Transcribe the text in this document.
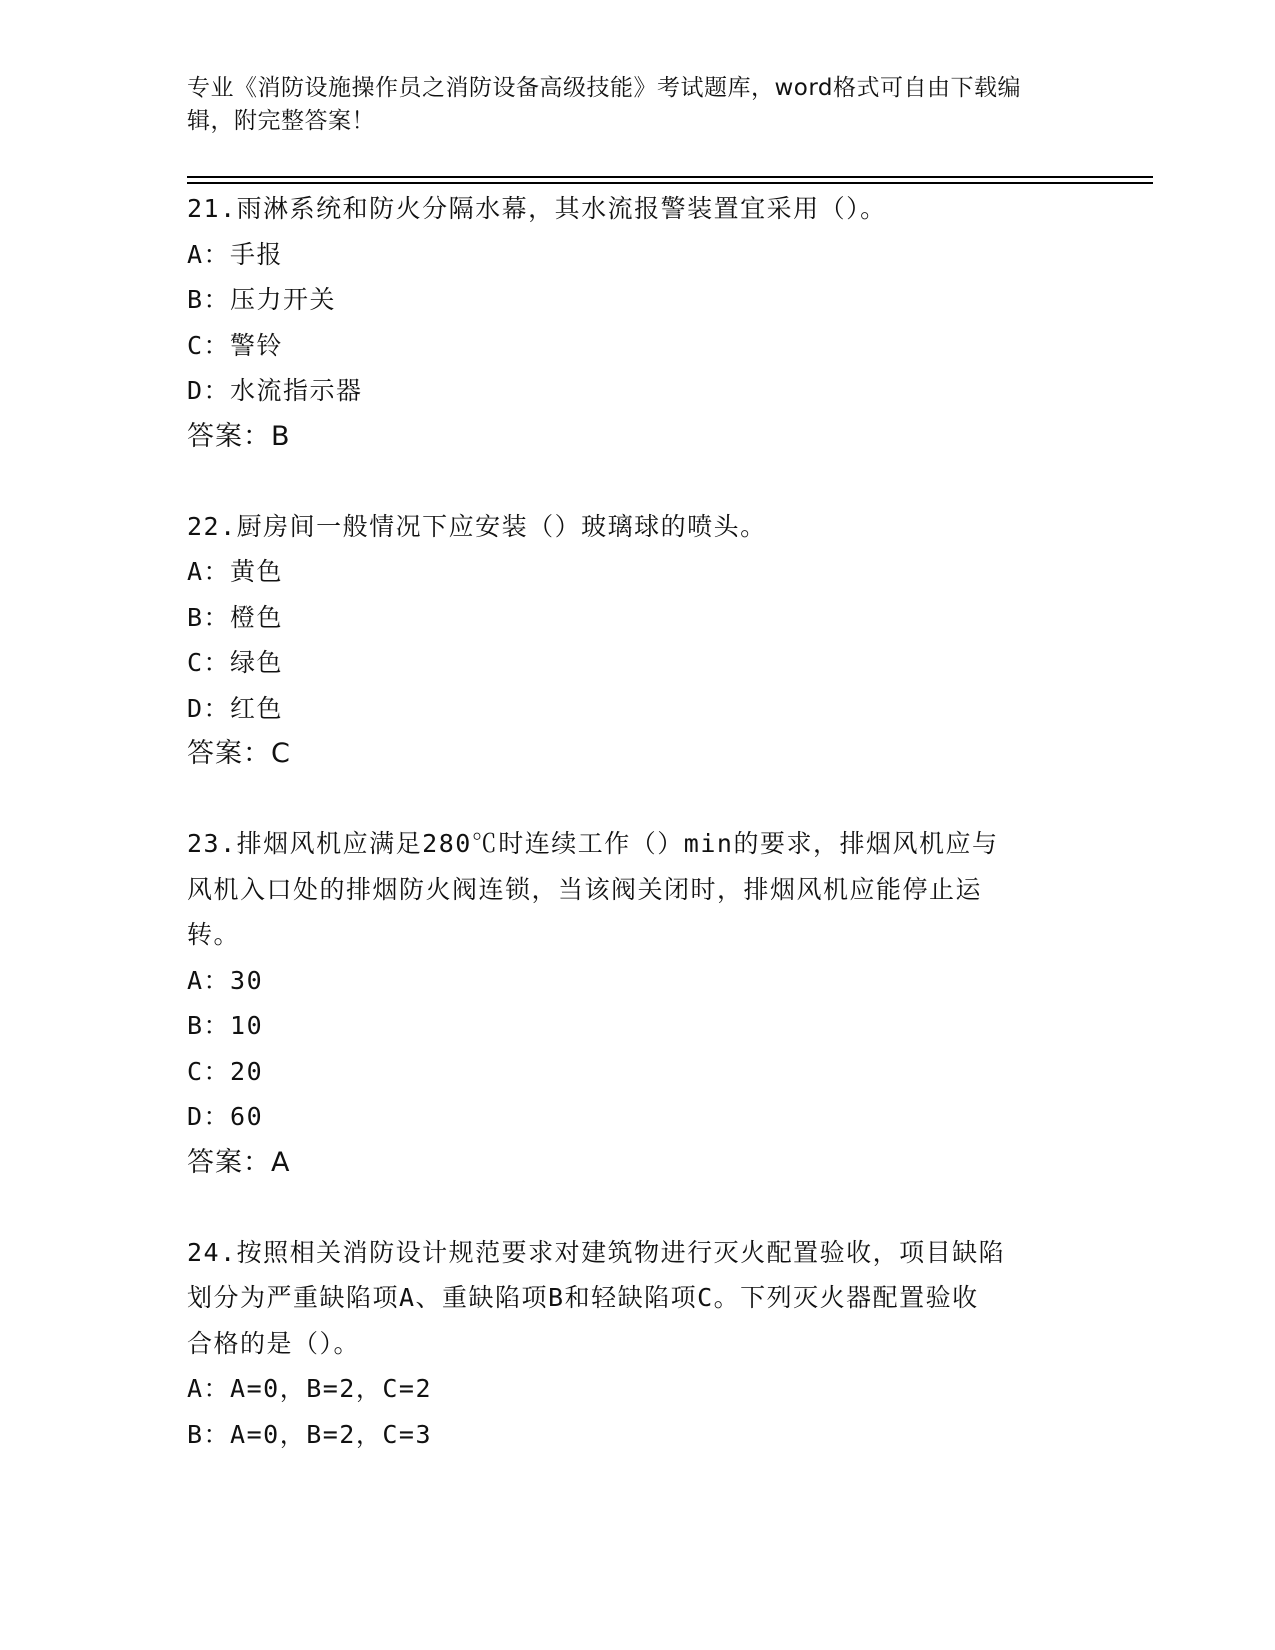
专业《消防设施操作员之消防设备高级技能》考试题库，word格式可自由下载编
辑，附完整答案！
21.雨淋系统和防火分隔水幕，其水流报警装置宜采用（）。
A：手报
B：压力开关
C：警铃
D：水流指示器
答案：B
22.厨房间一般情况下应安装（）玻璃球的喷头。
A：黄色
B：橙色
C：绿色
D：红色
答案：C
23.排烟风机应满足280℃时连续工作（）min的要求，排烟风机应与
风机入口处的排烟防火阀连锁，当该阀关闭时，排烟风机应能停止运
转。
A：30
B：10
C：20
D：60
答案：A
24.按照相关消防设计规范要求对建筑物进行灭火配置验收，项目缺陷
划分为严重缺陷项A、重缺陷项B和轻缺陷项C。下列灭火器配置验收
合格的是（）。
A：A=0，B=2，C=2
B：A=0，B=2，C=3
